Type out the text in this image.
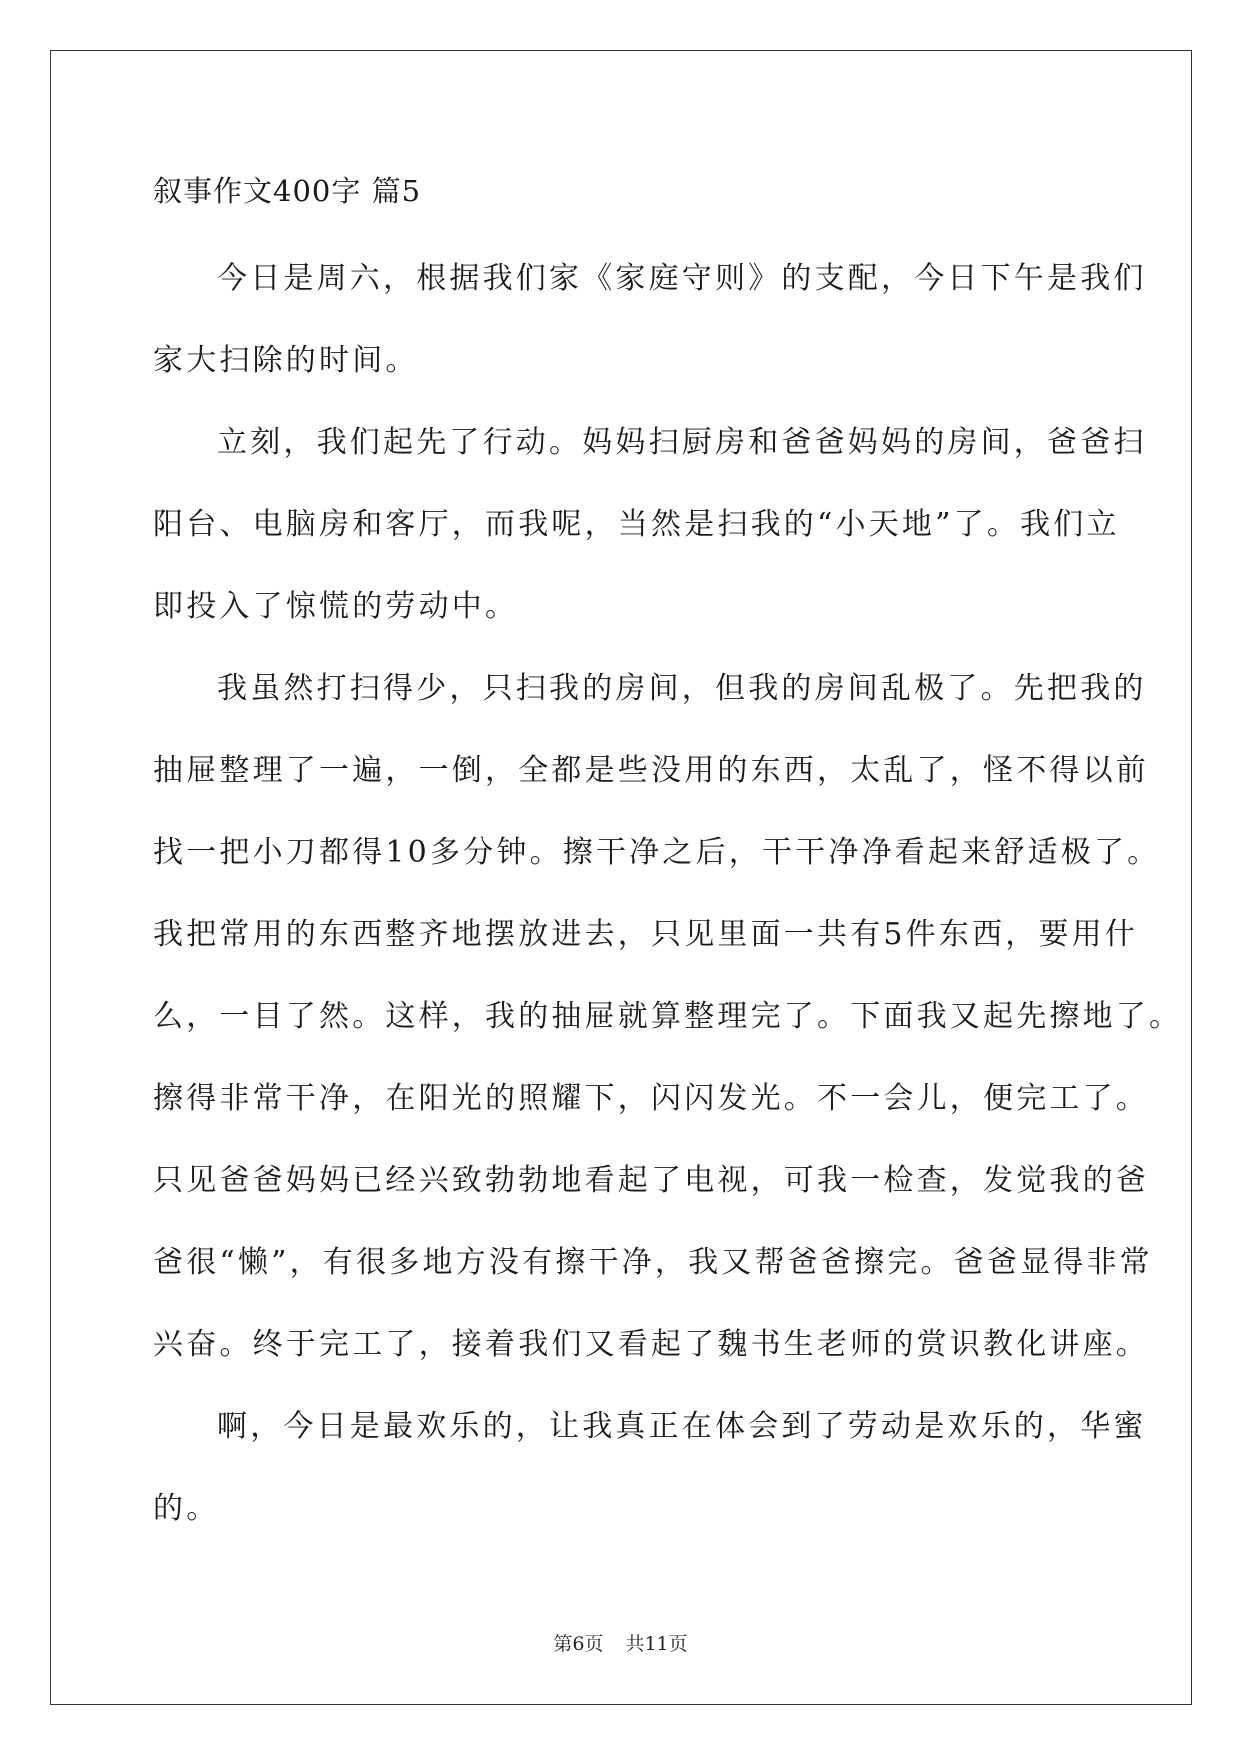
叙事作文400字 篇5
今日是周六，根据我们家《家庭守则》的支配，今日下午是我们
家大扫除的时间。
立刻，我们起先了行动。妈妈扫厨房和爸爸妈妈的房间，爸爸扫
阳台、电脑房和客厅，而我呢，当然是扫我的“小天地”了。我们立
即投入了惊慌的劳动中。
我虽然打扫得少，只扫我的房间，但我的房间乱极了。先把我的
抽屉整理了一遍，一倒，全都是些没用的东西，太乱了，怪不得以前
找一把小刀都得10多分钟。擦干净之后，干干净净看起来舒适极了。
我把常用的东西整齐地摆放进去，只见里面一共有5件东西，要用什
么，一目了然。这样，我的抽屉就算整理完了。下面我又起先擦地了。
擦得非常干净，在阳光的照耀下，闪闪发光。不一会儿，便完工了。
只见爸爸妈妈已经兴致勃勃地看起了电视，可我一检查，发觉我的爸
爸很“懒”，有很多地方没有擦干净，我又帮爸爸擦完。爸爸显得非常
兴奋。终于完工了，接着我们又看起了魏书生老师的赏识教化讲座。
啊，今日是最欢乐的，让我真正在体会到了劳动是欢乐的，华蜜
的。
第6页 共11页
